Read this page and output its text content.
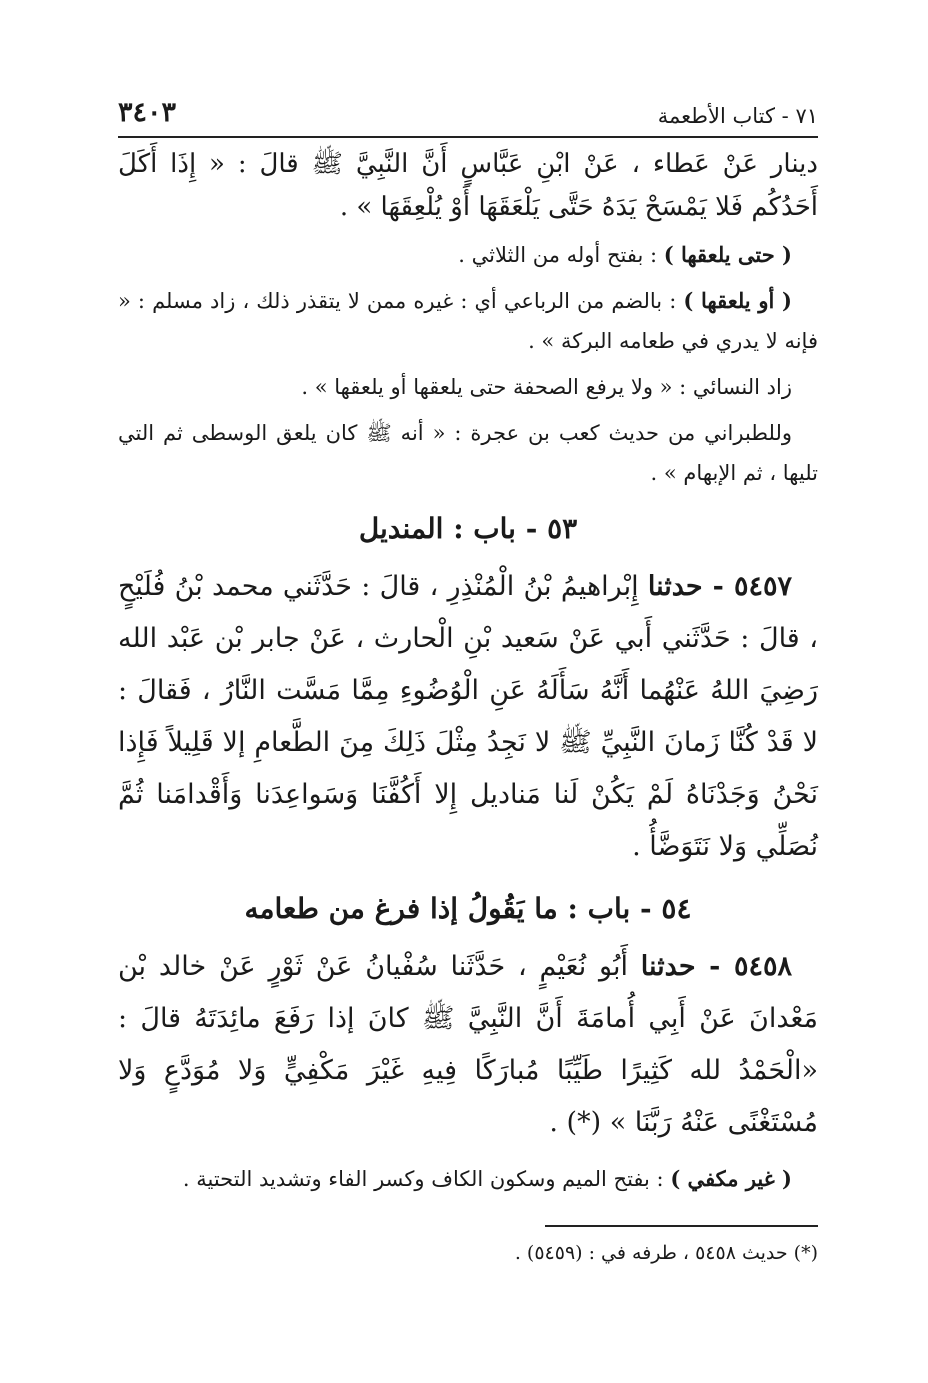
٧١ - كتاب الأطعمة
٣٤٠٣

دينار عَنْ عَطاء ، عَنْ ابْنِ عَبَّاسٍ أَنَّ النَّبِيَّ ﷺ قالَ : « إِذَا أَكَلَ أَحَدُكُم فَلا يَمْسَحْ يَدَهُ حَتَّى يَلْعَقَهَا أَوْ يُلْعِقَهَا » .

( حتى يلعقها ) : بفتح أوله من الثلاثي .

( أو يلعقها ) : بالضم من الرباعي أي : غيره ممن لا يتقذر ذلك ، زاد مسلم : « فإنه لا يدري في طعامه البركة » .

زاد النسائي : « ولا يرفع الصحفة حتى يلعقها أو يلعقها » .

وللطبراني من حديث كعب بن عجرة : « أنه ﷺ كان يلعق الوسطى ثم التي تليها ، ثم الإبهام » .

٥٣ - باب : المنديل

٥٤٥٧ - حدثنا إِبْراهيمُ بْنُ الْمُنْذِرِ ، قالَ : حَدَّثَني محمد بْنُ فُلَيْحٍ ، قالَ : حَدَّثَني أَبي عَنْ سَعيد بْنِ الْحارث ، عَنْ جابر بْن عَبْد الله رَضِيَ اللهُ عَنْهُما أَنَّهُ سَأَلَهُ عَنِ الْوُضُوءِ مِمَّا مَسَّت النَّارُ ، فَقالَ : لا قَدْ كُنَّا زَمانَ النَّبِيِّ ﷺ لا نَجِدُ مِثْلَ ذَلِكَ مِنَ الطَّعامِ إلا قَلِيلاً فَإِذا نَحْنُ وَجَدْنَاهُ لَمْ يَكُنْ لَنا مَناديل إِلا أَكُفَّنَا وَسَواعِدَنا وَأَقْدامَنا ثُمَّ نُصَلِّي وَلا نَتَوَضَّأُ .

٥٤ - باب : ما يَقُولُ إذا فرغ من طعامه

٥٤٥٨ - حدثنا أَبُو نُعَيْمٍ ، حَدَّثَنا سُفْيانُ عَنْ ثَوْرٍ عَنْ خالد بْن مَعْدانَ عَنْ أَبِي أُمامَةَ أَنَّ النَّبِيَّ ﷺ كانَ إذا رَفَعَ مائِدَتَهُ قالَ : «الْحَمْدُ لله كَثِيرًا طَيِّبًا مُبارَكًا فِيهِ غَيْرَ مَكْفِيٍّ وَلا مُوَدَّعٍ وَلا مُسْتَغْنًى عَنْهُ رَبَّنَا » (*) .

( غير مكفي ) : بفتح الميم وسكون الكاف وكسر الفاء وتشديد التحتية .

(*) حديث ٥٤٥٨ ، طرفه في : (٥٤٥٩) .
